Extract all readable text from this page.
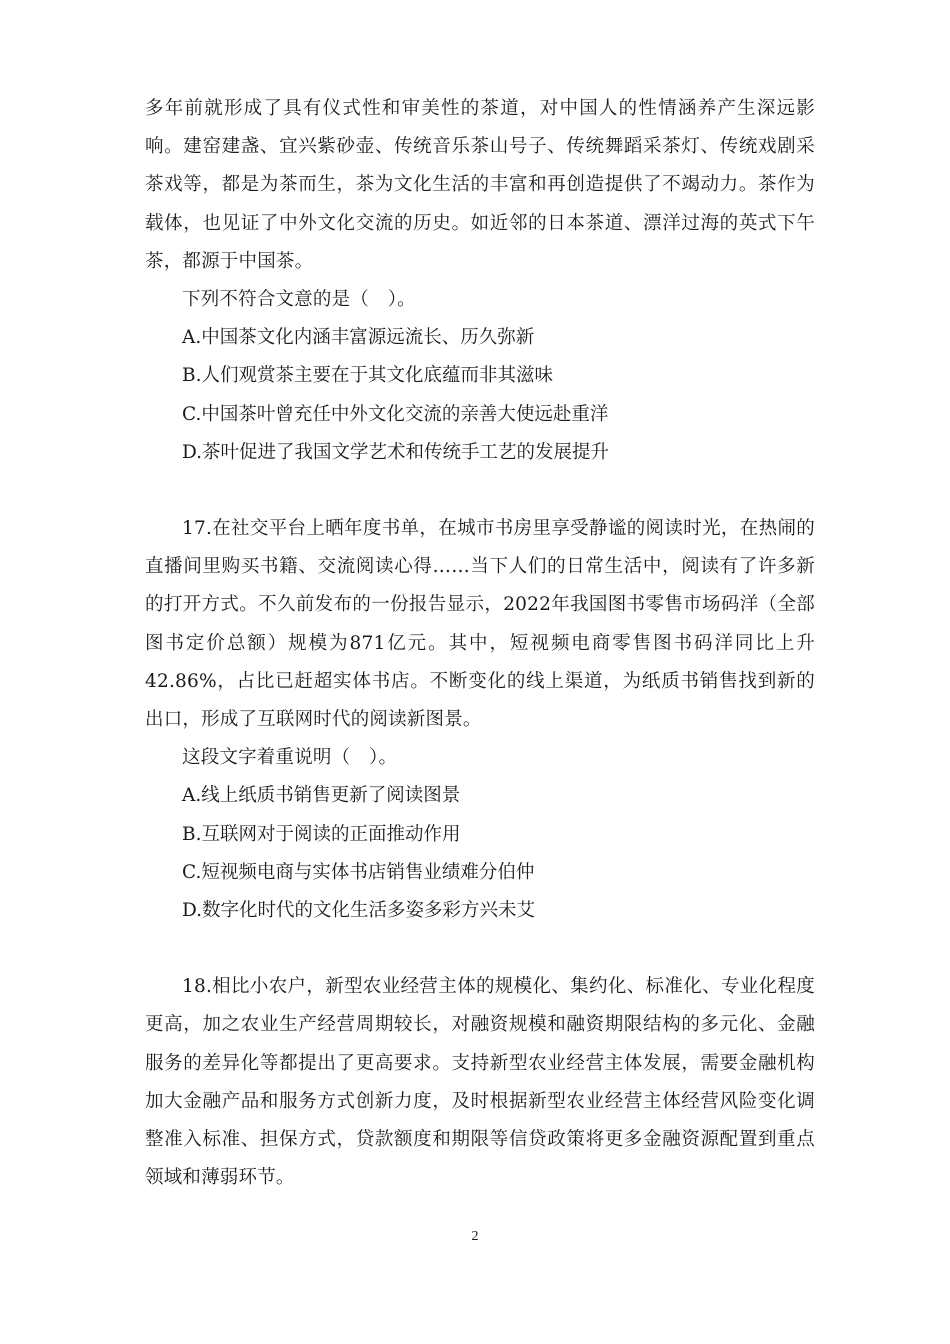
多年前就形成了具有仪式性和审美性的茶道，对中国人的性情涵养产生深远影响。建窑建盏、宜兴紫砂壶、传统音乐茶山号子、传统舞蹈采茶灯、传统戏剧采茶戏等，都是为茶而生，茶为文化生活的丰富和再创造提供了不竭动力。茶作为载体，也见证了中外文化交流的历史。如近邻的日本茶道、漂洋过海的英式下午茶，都源于中国茶。

下列不符合文意的是（　）。

A.中国茶文化内涵丰富源远流长、历久弥新

B.人们观赏茶主要在于其文化底蕴而非其滋味

C.中国茶叶曾充任中外文化交流的亲善大使远赴重洋

D.茶叶促进了我国文学艺术和传统手工艺的发展提升

17.在社交平台上晒年度书单，在城市书房里享受静谧的阅读时光，在热闹的直播间里购买书籍、交流阅读心得……当下人们的日常生活中，阅读有了许多新的打开方式。不久前发布的一份报告显示，2022年我国图书零售市场码洋（全部图书定价总额）规模为871亿元。其中，短视频电商零售图书码洋同比上升42.86%，占比已赶超实体书店。不断变化的线上渠道，为纸质书销售找到新的出口，形成了互联网时代的阅读新图景。

这段文字着重说明（　）。

A.线上纸质书销售更新了阅读图景

B.互联网对于阅读的正面推动作用

C.短视频电商与实体书店销售业绩难分伯仲

D.数字化时代的文化生活多姿多彩方兴未艾

18.相比小农户，新型农业经营主体的规模化、集约化、标准化、专业化程度更高，加之农业生产经营周期较长，对融资规模和融资期限结构的多元化、金融服务的差异化等都提出了更高要求。支持新型农业经营主体发展，需要金融机构加大金融产品和服务方式创新力度，及时根据新型农业经营主体经营风险变化调整准入标准、担保方式，贷款额度和期限等信贷政策将更多金融资源配置到重点领域和薄弱环节。

2
